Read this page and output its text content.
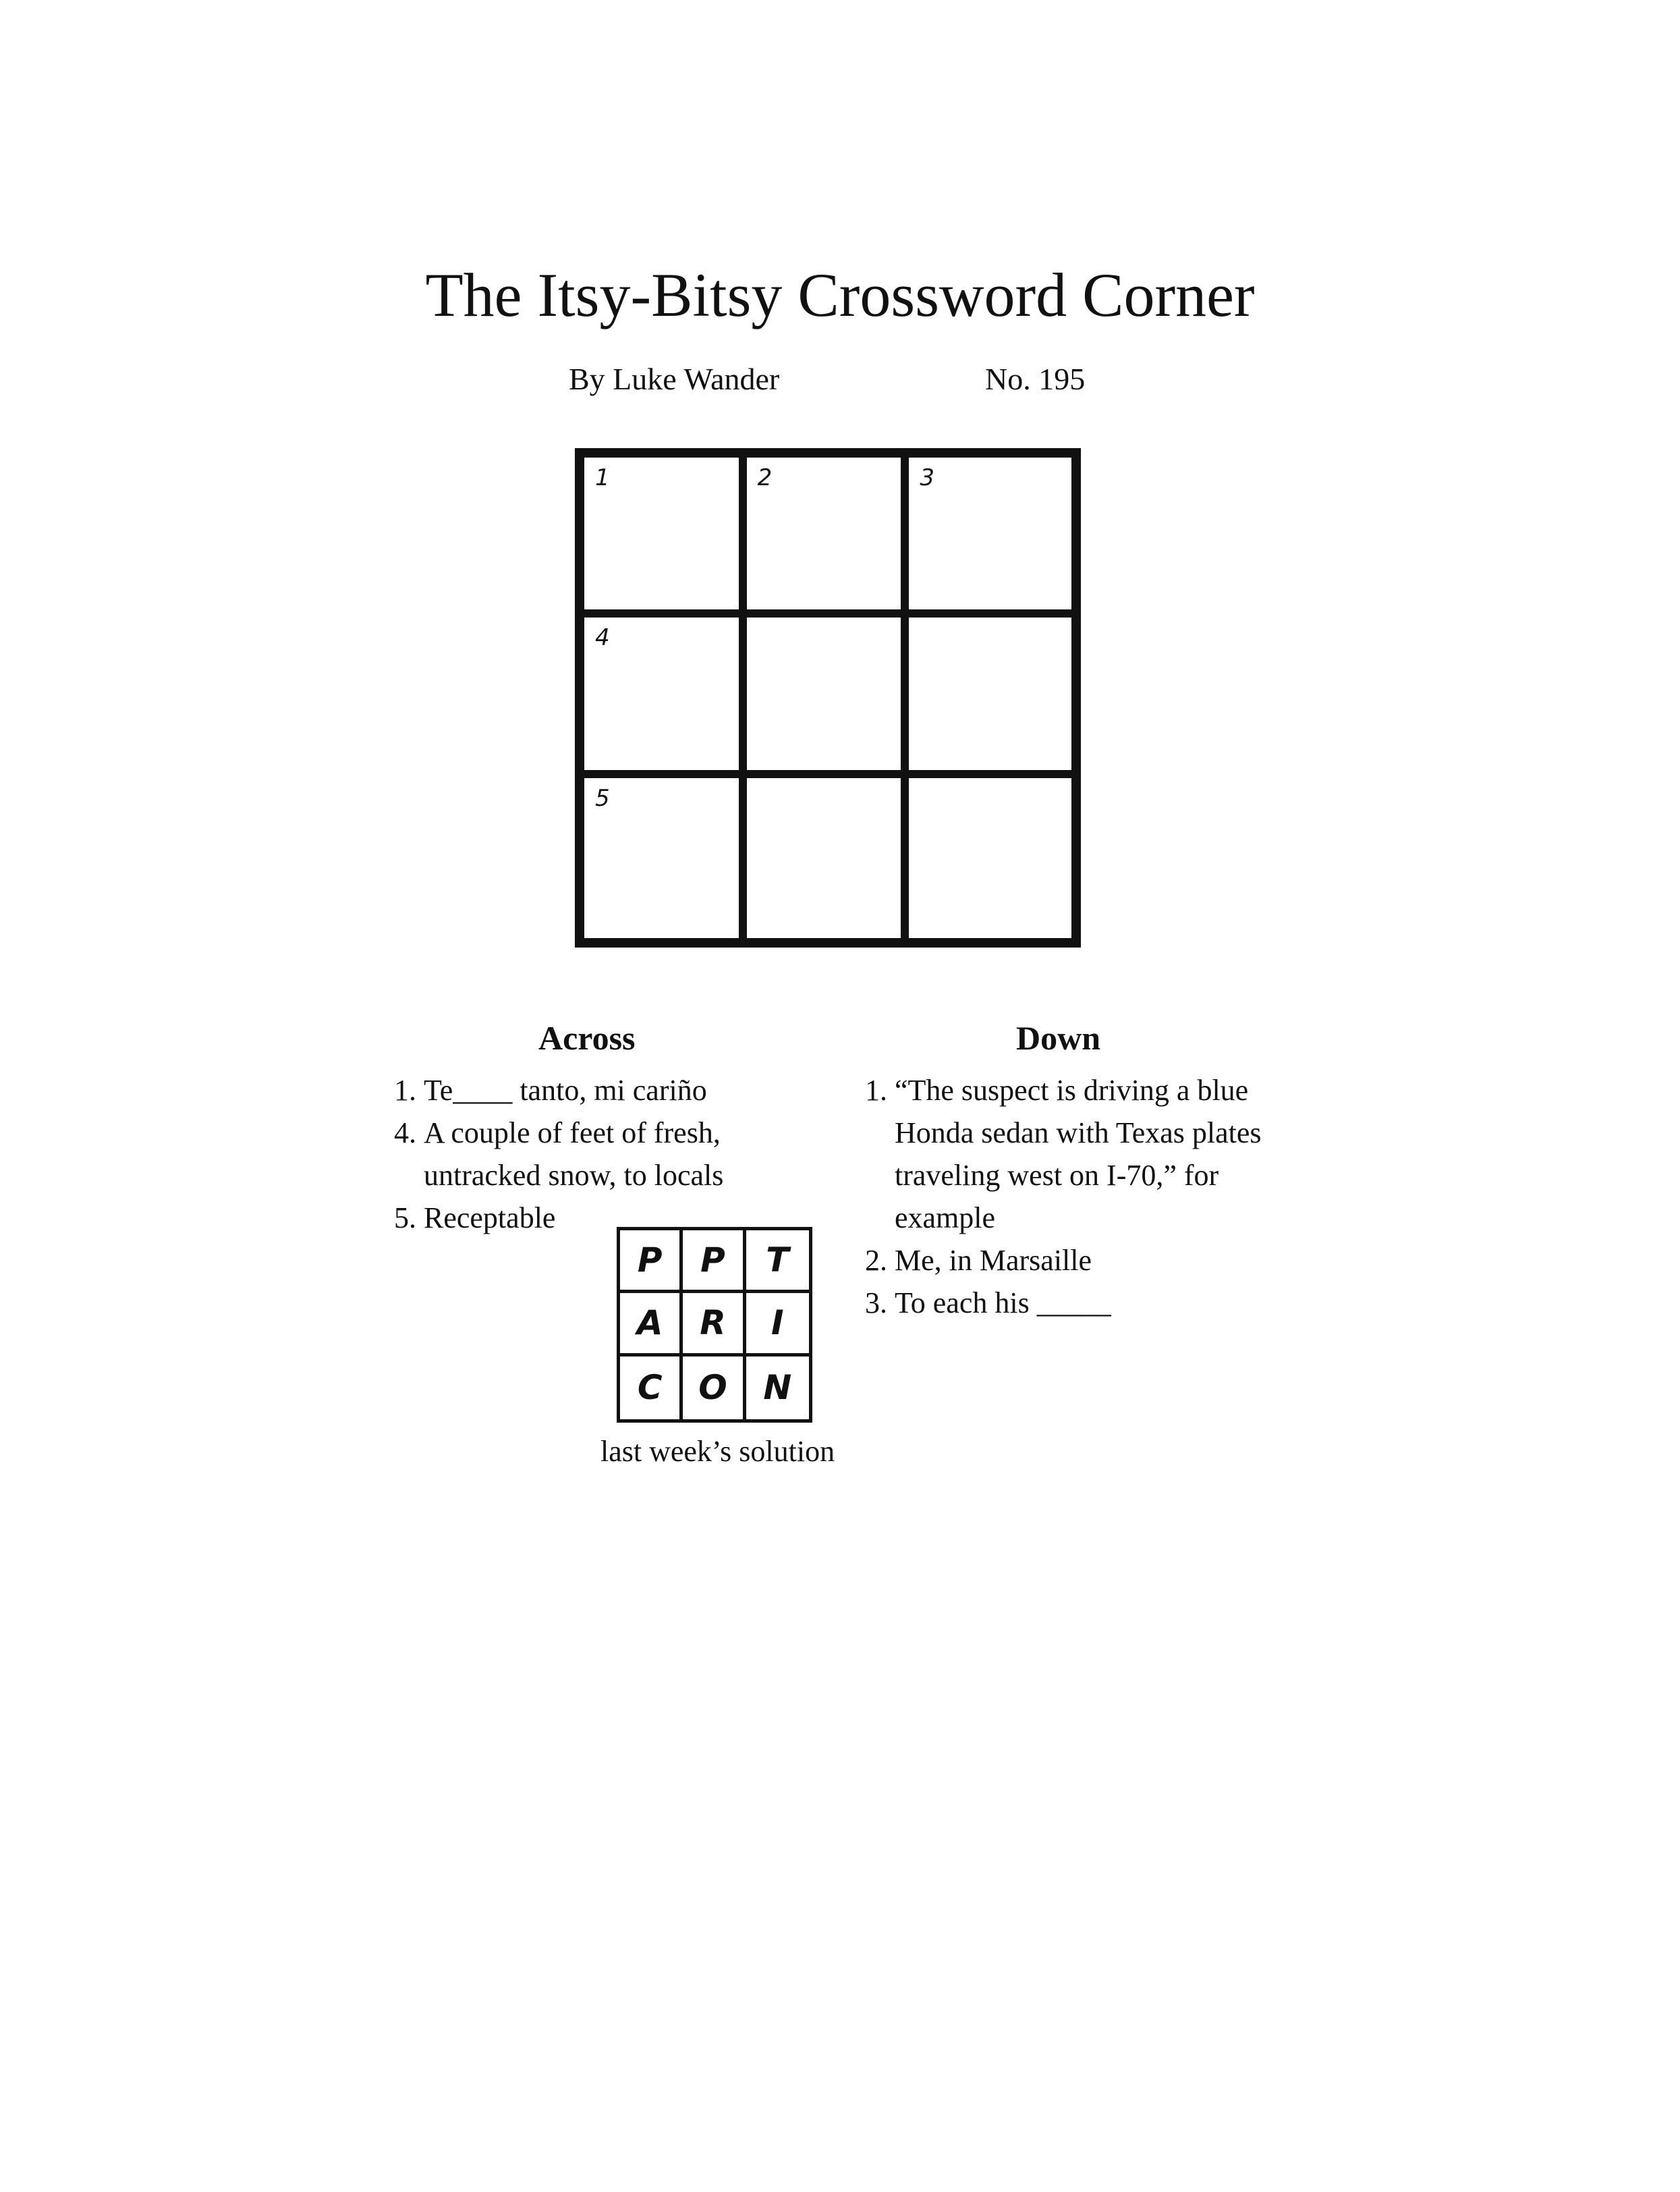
The Itsy-Bitsy Crossword Corner
By Luke Wander	No. 195
1	2	3
4
5
Across
1. Te____ tanto, mi cariño
4. A couple of feet of fresh, untracked snow, to locals
5. Receptable
Down
1. “The suspect is driving a blue Honda sedan with Texas plates traveling west on I-70,” for example
2. Me, in Marsaille
3. To each his _____
P	P	T
A	R	I
C	O	N
last week’s solution
